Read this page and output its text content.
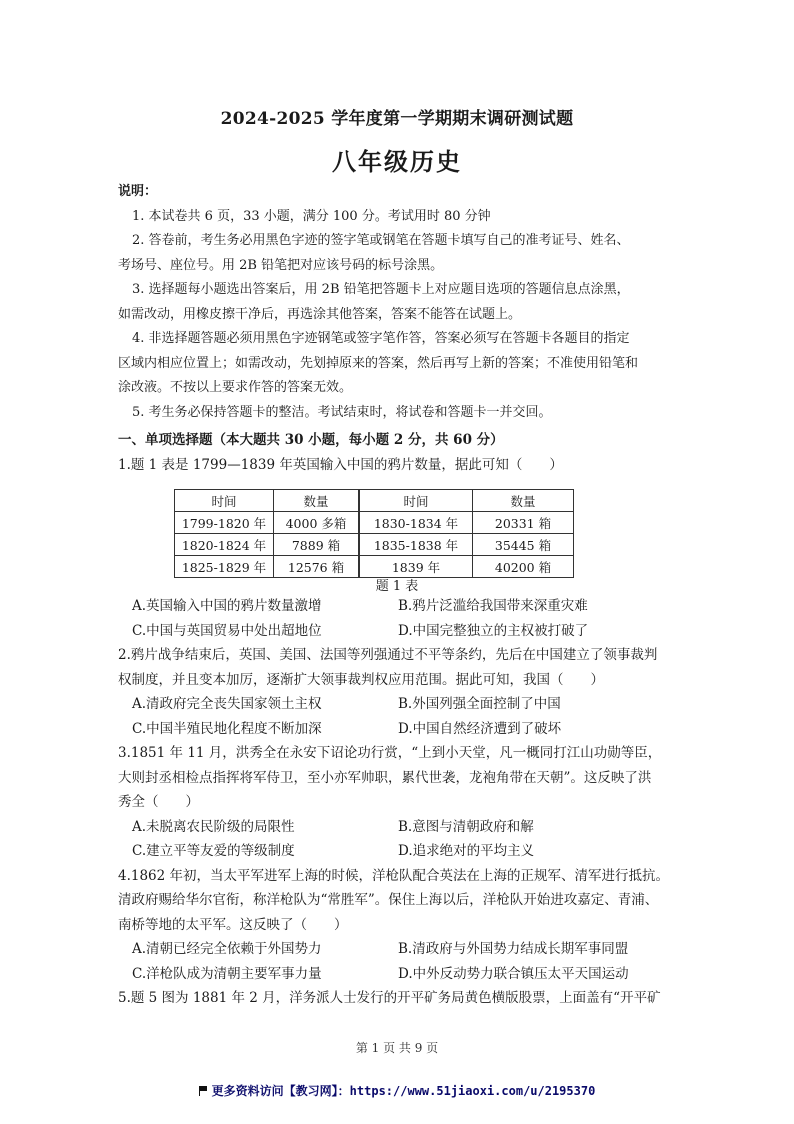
2024-2025 学年度第一学期期末调研测试题
八年级历史
说明：
1. 本试卷共 6 页，33 小题，满分 100 分。考试用时 80 分钟
2. 答卷前，考生务必用黑色字迹的签字笔或钢笔在答题卡填写自己的准考证号、姓名、
考场号、座位号。用 2B 铅笔把对应该号码的标号涂黑。
3. 选择题每小题选出答案后，用 2B 铅笔把答题卡上对应题目选项的答题信息点涂黑，
如需改动，用橡皮擦干净后，再选涂其他答案，答案不能答在试题上。
4. 非选择题答题必须用黑色字迹钢笔或签字笔作答，答案必须写在答题卡各题目的指定
区域内相应位置上；如需改动，先划掉原来的答案，然后再写上新的答案；不准使用铅笔和
涂改液。不按以上要求作答的答案无效。
5. 考生务必保持答题卡的整洁。考试结束时，将试卷和答题卡一并交回。
一、单项选择题（本大题共 30 小题，每小题 2 分，共 60 分）
1.题 1 表是 1799—1839 年英国输入中国的鸦片数量，据此可知（　　）
时间	数量	时间	数量
1799-1820 年	4000 多箱	1830-1834 年	20331 箱
1820-1824 年	7889 箱	1835-1838 年	35445 箱
1825-1829 年	12576 箱	1839 年	40200 箱
题 1 表
A.英国输入中国的鸦片数量激增	B.鸦片泛滥给我国带来深重灾难
C.中国与英国贸易中处出超地位	D.中国完整独立的主权被打破了
2.鸦片战争结束后，英国、美国、法国等列强通过不平等条约，先后在中国建立了领事裁判
权制度，并且变本加厉，逐渐扩大领事裁判权应用范围。据此可知，我国（　　）
A.清政府完全丧失国家领土主权	B.外国列强全面控制了中国
C.中国半殖民地化程度不断加深	D.中国自然经济遭到了破坏
3.1851 年 11 月，洪秀全在永安下诏论功行赏，“上到小天堂，凡一概同打江山功勋等臣，
大则封丞相检点指挥将军侍卫，至小亦军帅职，累代世袭，龙袍角带在天朝”。这反映了洪
秀全（　　）
A.未脱离农民阶级的局限性	B.意图与清朝政府和解
C.建立平等友爱的等级制度	D.追求绝对的平均主义
4.1862 年初，当太平军进军上海的时候，洋枪队配合英法在上海的正规军、清军进行抵抗。
清政府赐给华尔官衔，称洋枪队为“常胜军”。保住上海以后，洋枪队开始进攻嘉定、青浦、
南桥等地的太平军。这反映了（　　）
A.清朝已经完全依赖于外国势力	B.清政府与外国势力结成长期军事同盟
C.洋枪队成为清朝主要军事力量	D.中外反动势力联合镇压太平天国运动
5.题 5 图为 1881 年 2 月，洋务派人士发行的开平矿务局黄色横版股票，上面盖有“开平矿
第 1 页 共 9 页
更多资料访问【教习网】：https://www.51jiaoxi.com/u/2195370
